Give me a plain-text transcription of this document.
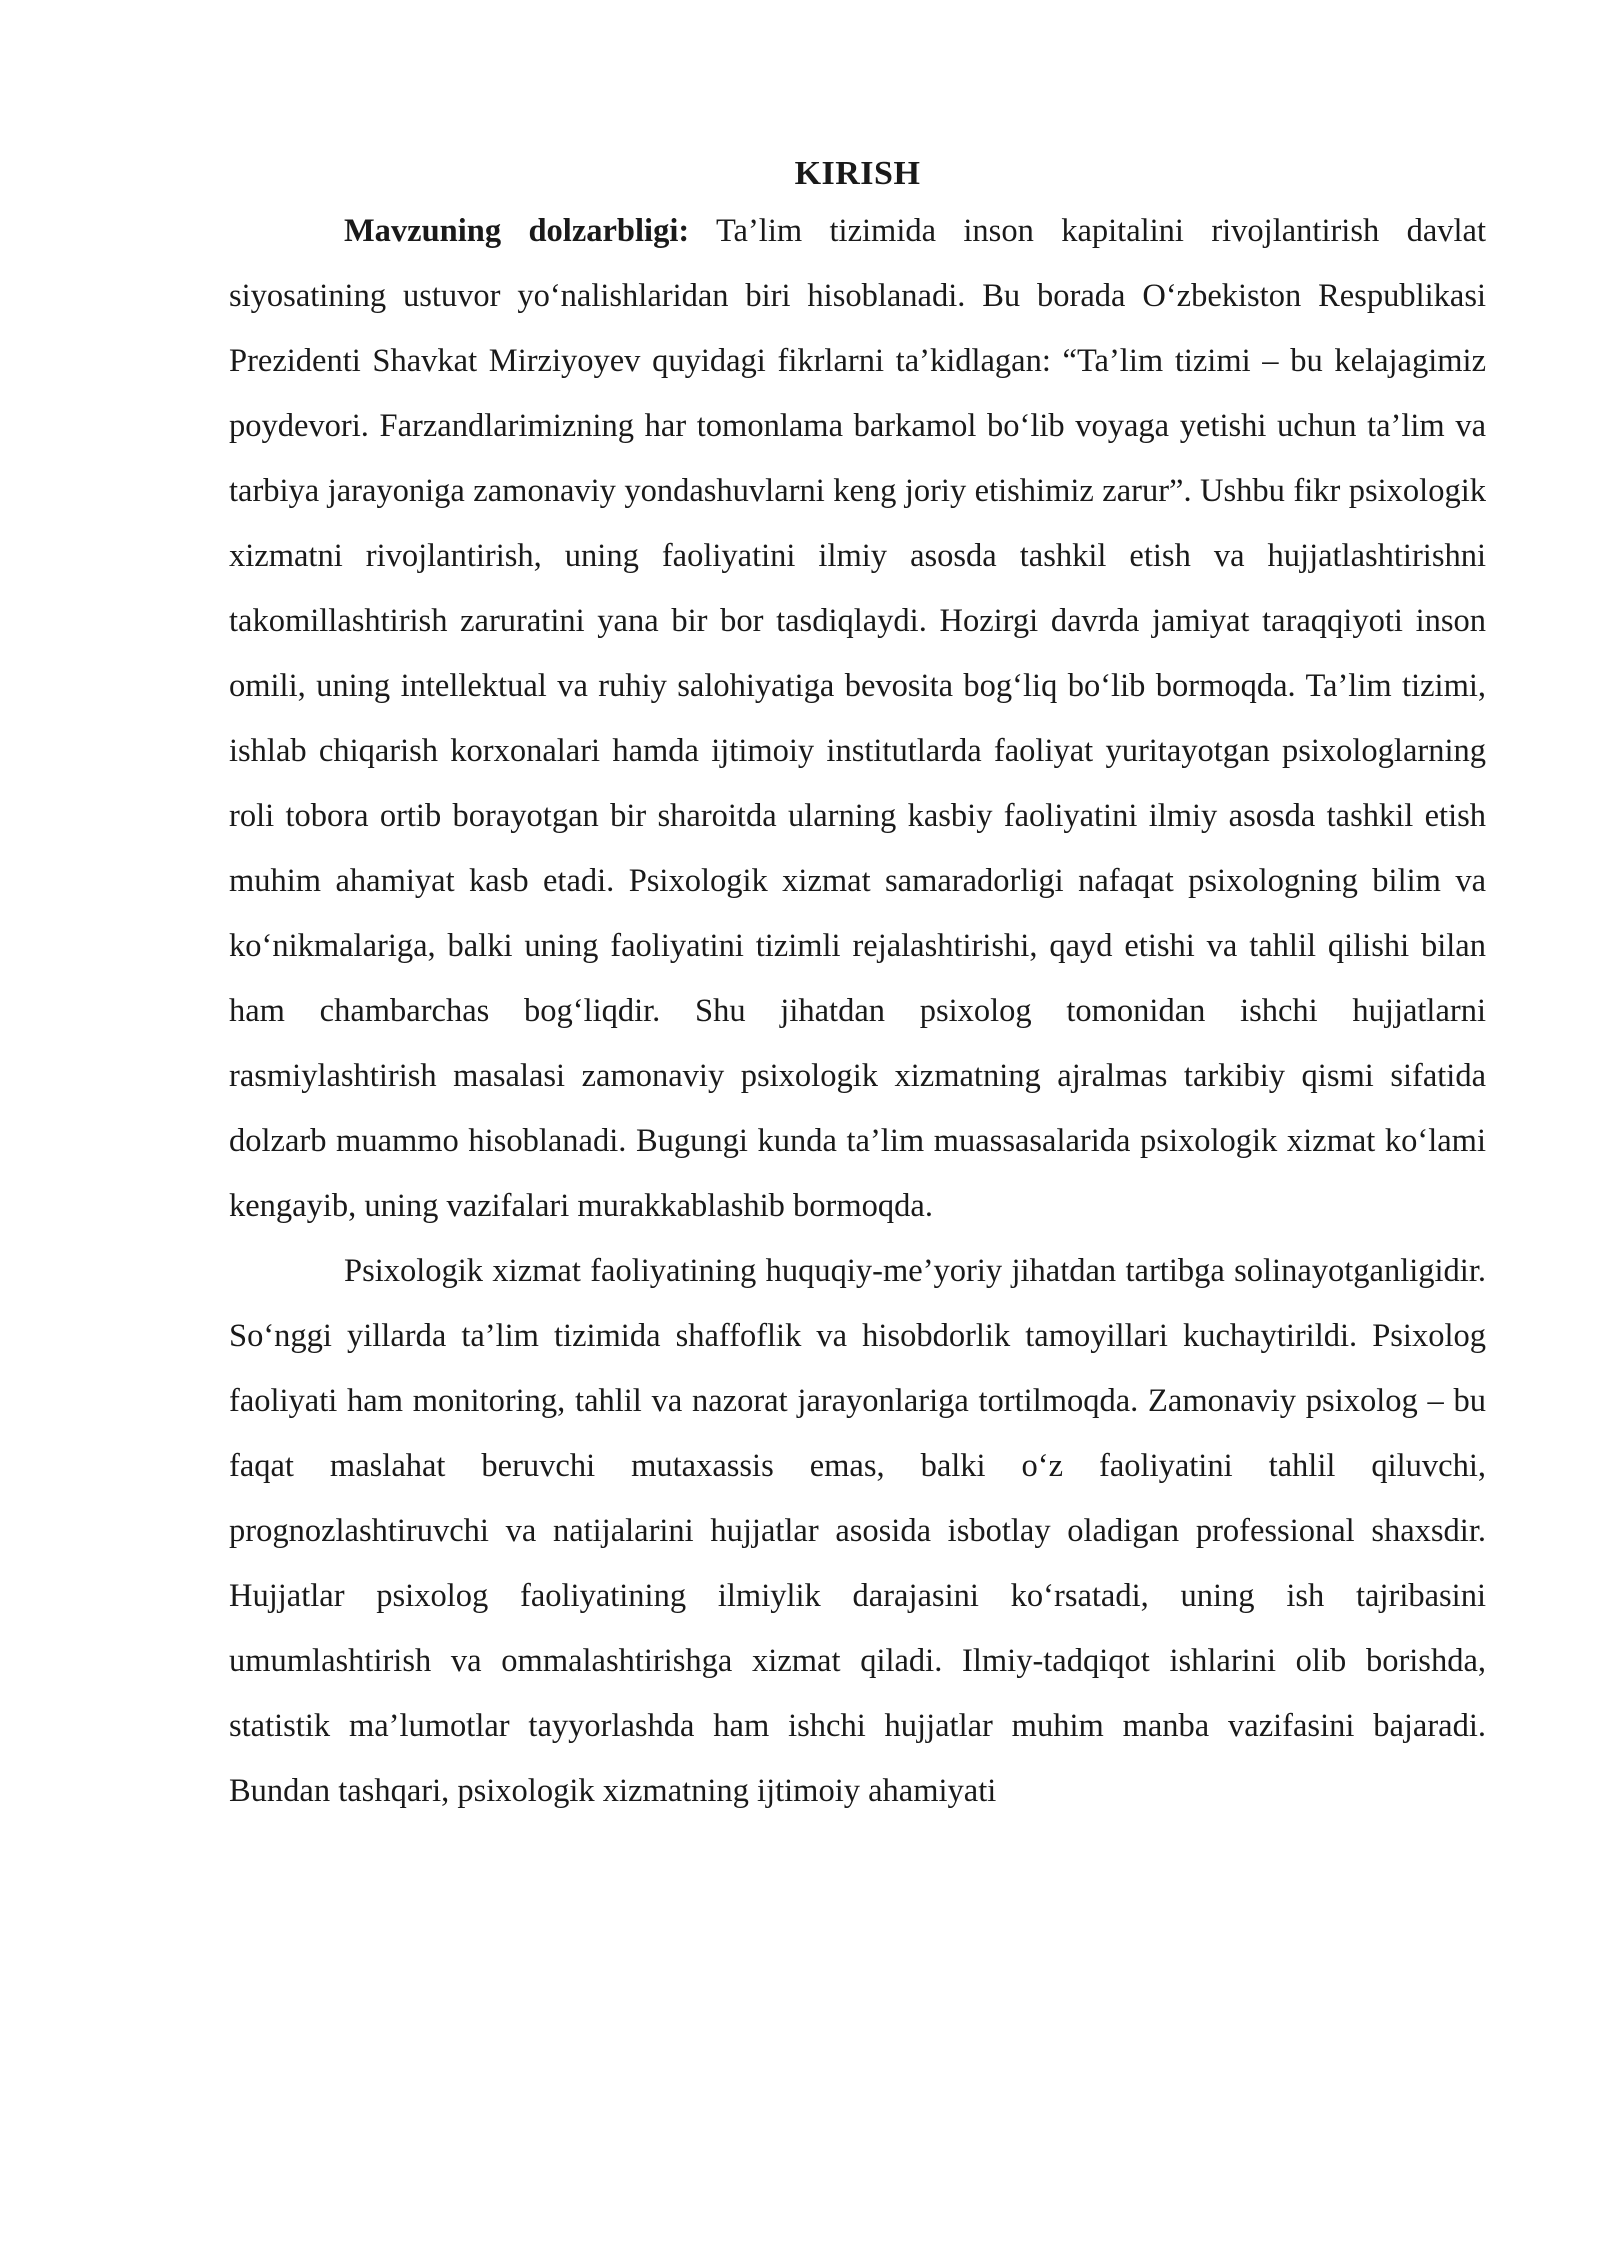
KIRISH

Mavzuning dolzarbligi: Ta’lim tizimida inson kapitalini rivojlantirish davlat siyosatining ustuvor yo‘nalishlaridan biri hisoblanadi. Bu borada O‘zbekiston Respublikasi Prezidenti Shavkat Mirziyoyev quyidagi fikrlarni ta’kidlagan: “Ta’lim tizimi – bu kelajagimiz poydevori. Farzandlarimizning har tomonlama barkamol bo‘lib voyaga yetishi uchun ta’lim va tarbiya jarayoniga zamonaviy yondashuvlarni keng joriy etishimiz zarur”. Ushbu fikr psixologik xizmatni rivojlantirish, uning faoliyatini ilmiy asosda tashkil etish va hujjatlashtirishni takomillashtirish zaruratini yana bir bor tasdiqlaydi. Hozirgi davrda jamiyat taraqqiyoti inson omili, uning intellektual va ruhiy salohiyatiga bevosita bog‘liq bo‘lib bormoqda. Ta’lim tizimi, ishlab chiqarish korxonalari hamda ijtimoiy institutlarda faoliyat yuritayotgan psixologlarning roli tobora ortib borayotgan bir sharoitda ularning kasbiy faoliyatini ilmiy asosda tashkil etish muhim ahamiyat kasb etadi. Psixologik xizmat samaradorligi nafaqat psixologning bilim va ko‘nikmalariga, balki uning faoliyatini tizimli rejalashtirishi, qayd etishi va tahlil qilishi bilan ham chambarchas bog‘liqdir. Shu jihatdan psixolog tomonidan ishchi hujjatlarni rasmiylashtirish masalasi zamonaviy psixologik xizmatning ajralmas tarkibiy qismi sifatida dolzarb muammo hisoblanadi. Bugungi kunda ta’lim muassasalarida psixologik xizmat ko‘lami kengayib, uning vazifalari murakkablashib bormoqda.

Psixologik xizmat faoliyatining huquqiy-me’yoriy jihatdan tartibga solinayotganligidir. So‘nggi yillarda ta’lim tizimida shaffoflik va hisobdorlik tamoyillari kuchaytirildi. Psixolog faoliyati ham monitoring, tahlil va nazorat jarayonlariga tortilmoqda. Zamonaviy psixolog – bu faqat maslahat beruvchi mutaxassis emas, balki o‘z faoliyatini tahlil qiluvchi, prognozlashtiruvchi va natijalarini hujjatlar asosida isbotlay oladigan professional shaxsdir. Hujjatlar psixolog faoliyatining ilmiylik darajasini ko‘rsatadi, uning ish tajribasini umumlashtirish va ommalashtirishga xizmat qiladi. Ilmiy-tadqiqot ishlarini olib borishda, statistik ma’lumotlar tayyorlashda ham ishchi hujjatlar muhim manba vazifasini bajaradi. Bundan tashqari, psixologik xizmatning ijtimoiy ahamiyati
